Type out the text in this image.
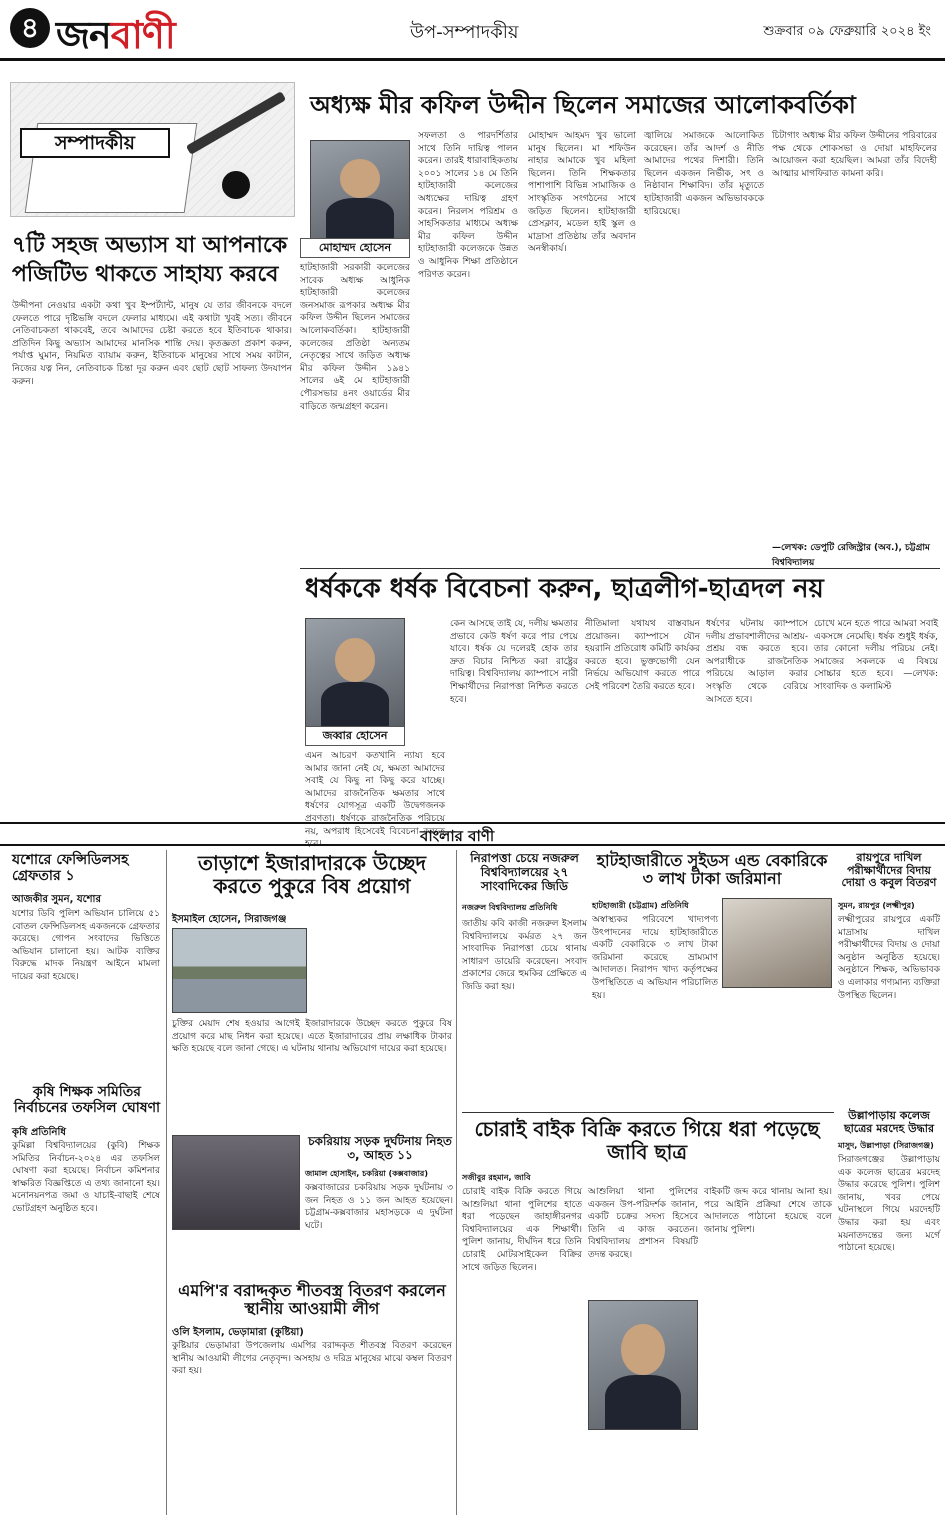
৪ জনবাণী	উপ-সম্পাদকীয়	শুক্রবার ০৯ ফেব্রুয়ারি ২০২৪ ইং
সম্পাদকীয়
অধ্যক্ষ মীর কফিল উদ্দীন ছিলেন সমাজের আলোকবর্তিকা
মোহাম্মদ হোসেন
হাটহাজারী সরকারী কলেজের সাবেক অধ্যক্ষ আধুনিক হাটহাজারী কলেজের জনসমাজ রূপকার অধ্যক্ষ মীর কফিল উদ্দীন ছিলেন সমাজের আলোকবর্তিকা। হাটহাজারী কলেজের প্রতিষ্ঠা অন্যতম নেতৃত্বের সাথে জড়িত অধ্যক্ষ মীর কফিল উদ্দীন ১৯৪১ সালের ৬ই মে হাটহাজারী পৌরসভার ৪নং ওয়ার্ডের মীর বাড়িতে জন্মগ্রহণ করেন।
সফলতা ও পারদর্শিতার সাথে তিনি দায়িত্ব পালন করেন। তারই ধারাবাহিকতায় ২০০১ সালের ১৪ মে তিনি হাটহাজারী কলেজের অধ্যক্ষের দায়িত্ব গ্রহণ করেন। নিরলস পরিশ্রম ও সাহসিকতার মাধ্যমে অধ্যক্ষ মীর কফিল উদ্দীন হাটহাজারী কলেজকে উন্নত ও আধুনিক শিক্ষা প্রতিষ্ঠানে পরিণত করেন।
মোহাম্মদ আহমদ খুব ভালো মানুষ ছিলেন। মা শফিউন নাহার আমাকে খুব মহিলা ছিলেন। তিনি শিক্ষকতার পাশাপাশি বিভিন্ন সামাজিক ও সাংস্কৃতিক সংগঠনের সাথে জড়িত ছিলেন। হাটহাজারী প্রেসক্লাব, মডেল হাই স্কুল ও মাদ্রাসা প্রতিষ্ঠায় তাঁর অবদান অনস্বীকার্য।
জ্বালিয়ে সমাজকে আলোকিত করেছেন। তাঁর আদর্শ ও নীতি আমাদের পথের দিশারী। তিনি ছিলেন একজন নির্ভীক, সৎ ও নিষ্ঠাবান শিক্ষাবিদ। তাঁর মৃত্যুতে হাটহাজারী একজন অভিভাবককে হারিয়েছে।
চিটাগাং অধ্যক্ষ মীর কফিল উদ্দীনের পরিবারের পক্ষ থেকে শোকসভা ও দোয়া মাহফিলের আয়োজন করা হয়েছিল। আমরা তাঁর বিদেহী আত্মার মাগফিরাত কামনা করি।
—লেখক: ডেপুটি রেজিস্ট্রার (অব.), চট্টগ্রাম বিশ্ববিদ্যালয়
৭টি সহজ অভ্যাস যা আপনাকে পজিটিভ থাকতে সাহায্য করবে
উদ্দীপনা নেওয়ার একটা কথা খুব ইম্পর্ট্যান্ট, মানুষ যে তার জীবনকে বদলে ফেলতে পারে দৃষ্টিভঙ্গি বদলে ফেলার মাধ্যমে। এই কথাটা খুবই সত্য। জীবনে নেতিবাচকতা থাকবেই, তবে আমাদের চেষ্টা করতে হবে ইতিবাচক থাকার। প্রতিদিন কিছু অভ্যাস আমাদের মানসিক শান্তি দেয়। কৃতজ্ঞতা প্রকাশ করুন, পর্যাপ্ত ঘুমান, নিয়মিত ব্যায়াম করুন, ইতিবাচক মানুষের সাথে সময় কাটান, নিজের যত্ন নিন, নেতিবাচক চিন্তা দূর করুন এবং ছোট ছোট সাফল্য উদযাপন করুন।
ধর্ষককে ধর্ষক বিবেচনা করুন, ছাত্রলীগ-ছাত্রদল নয়
জব্বার হোসেন
এমন আচরণ কতখানি ন্যায্য হবে আমার জানা নেই যে, ক্ষমতা আমাদের সবাই যে কিছু না কিছু করে যাচ্ছে। আমাদের রাজনৈতিক ক্ষমতার সাথে ধর্ষণের যোগসূত্র একটি উদ্বেগজনক প্রবণতা। ধর্ষণকে রাজনৈতিক পরিচয়ে নয়, অপরাধ হিসেবেই বিবেচনা করতে হবে।
কেন আসছে তাই যে, দলীয় ক্ষমতার প্রভাবে কেউ ধর্ষণ করে পার পেয়ে যাবে। ধর্ষক যে দলেরই হোক তার দ্রুত বিচার নিশ্চিত করা রাষ্ট্রের দায়িত্ব। বিশ্ববিদ্যালয় ক্যাম্পাসে নারী শিক্ষার্থীদের নিরাপত্তা নিশ্চিত করতে হবে।
নীতিমালা যথাযথ বাস্তবায়ন প্রয়োজন। ক্যাম্পাসে যৌন হয়রানি প্রতিরোধ কমিটি কার্যকর করতে হবে। ভুক্তভোগী যেন নির্ভয়ে অভিযোগ করতে পারে সেই পরিবেশ তৈরি করতে হবে।
ধর্ষণের ঘটনায় ক্যাম্পাসে দলীয় প্রভাবশালীদের আশ্রয়-প্রশ্রয় বন্ধ করতে হবে। অপরাধীকে রাজনৈতিক পরিচয়ে আড়াল করার সংস্কৃতি থেকে বেরিয়ে আসতে হবে।
চোখে মনে হতে পারে আমরা সবাই একসঙ্গে নেমেছি। ধর্ষক শুধুই ধর্ষক, তার কোনো দলীয় পরিচয় নেই। সমাজের সকলকে এ বিষয়ে সোচ্চার হতে হবে। —লেখক: সাংবাদিক ও কলামিস্ট
বাংলার বাণী
যশোরে ফেন্সিডিলসহ গ্রেফতার ১
আজকীর সুমন, যশোর
যশোর ডিবি পুলিশ অভিযান চালিয়ে ৫১ বোতল ফেন্সিডিলসহ একজনকে গ্রেফতার করেছে। গোপন সংবাদের ভিত্তিতে অভিযান চালানো হয়। আটক ব্যক্তির বিরুদ্ধে মাদক নিয়ন্ত্রণ আইনে মামলা দায়ের করা হয়েছে।
কৃষি শিক্ষক সমিতির নির্বাচনের তফসিল ঘোষণা
কৃষি প্রতিনিধি
কুমিল্লা বিশ্ববিদ্যালয়ের (কুবি) শিক্ষক সমিতির নির্বাচন-২০২৪ এর তফসিল ঘোষণা করা হয়েছে। নির্বাচন কমিশনার স্বাক্ষরিত বিজ্ঞপ্তিতে এ তথ্য জানানো হয়। মনোনয়নপত্র জমা ও যাচাই-বাছাই শেষে ভোটগ্রহণ অনুষ্ঠিত হবে।
তাড়াশে ইজারাদারকে উচ্ছেদ করতে পুকুরে বিষ প্রয়োগ
ইসমাইল হোসেন, সিরাজগঞ্জ
চুক্তির মেয়াদ শেষ হওয়ার আগেই ইজারাদারকে উচ্ছেদ করতে পুকুরে বিষ প্রয়োগ করে মাছ নিধন করা হয়েছে। এতে ইজারাদারের প্রায় লক্ষাধিক টাকার ক্ষতি হয়েছে বলে জানা গেছে। এ ঘটনায় থানায় অভিযোগ দায়ের করা হয়েছে।
চকরিয়ায় সড়ক দুর্ঘটনায় নিহত ৩, আহত ১১
জামাল হোসাইন, চকরিয়া (কক্সবাজার)
কক্সবাজারের চকরিয়ায় সড়ক দুর্ঘটনায় ৩ জন নিহত ও ১১ জন আহত হয়েছেন। চট্টগ্রাম-কক্সবাজার মহাসড়কে এ দুর্ঘটনা ঘটে।
এমপি'র বরাদ্দকৃত শীতবস্ত্র বিতরণ করলেন স্থানীয় আওয়ামী লীগ
ওলি ইসলাম, ভেড়ামারা (কুষ্টিয়া)
কুষ্টিয়ার ভেড়ামারা উপজেলায় এমপির বরাদ্দকৃত শীতবস্ত্র বিতরণ করেছেন স্থানীয় আওয়ামী লীগের নেতৃবৃন্দ। অসহায় ও দরিদ্র মানুষের মাঝে কম্বল বিতরণ করা হয়।
নিরাপত্তা চেয়ে নজরুল বিশ্ববিদ্যালয়ের ২৭ সাংবাদিকের জিডি
নজরুল বিশ্ববিদ্যালয় প্রতিনিধি
জাতীয় কবি কাজী নজরুল ইসলাম বিশ্ববিদ্যালয়ে কর্মরত ২৭ জন সাংবাদিক নিরাপত্তা চেয়ে থানায় সাধারণ ডায়েরি করেছেন। সংবাদ প্রকাশের জেরে হুমকির প্রেক্ষিতে এ জিডি করা হয়।
হাটহাজারীতে সুইডস এন্ড বেকারিকে ৩ লাখ টাকা জরিমানা
হাটহাজারী (চট্টগ্রাম) প্রতিনিধি
অস্বাস্থ্যকর পরিবেশে খাদ্যপণ্য উৎপাদনের দায়ে হাটহাজারীতে একটি বেকারিকে ৩ লাখ টাকা জরিমানা করেছে ভ্রাম্যমাণ আদালত। নিরাপদ খাদ্য কর্তৃপক্ষের উপস্থিতিতে এ অভিযান পরিচালিত হয়।
রায়পুরে দাখিল পরীক্ষার্থীদের বিদায় দোয়া ও কবুল বিতরণ
সুমন, রায়পুর (লক্ষ্মীপুর)
লক্ষ্মীপুরের রায়পুরে একটি মাদ্রাসায় দাখিল পরীক্ষার্থীদের বিদায় ও দোয়া অনুষ্ঠান অনুষ্ঠিত হয়েছে। অনুষ্ঠানে শিক্ষক, অভিভাবক ও এলাকার গণ্যমান্য ব্যক্তিরা উপস্থিত ছিলেন।
উল্লাপাড়ায় কলেজ ছাত্রের মরদেহ উদ্ধার
মাসুদ, উল্লাপাড়া (সিরাজগঞ্জ)
সিরাজগঞ্জের উল্লাপাড়ায় এক কলেজ ছাত্রের মরদেহ উদ্ধার করেছে পুলিশ। পুলিশ জানায়, খবর পেয়ে ঘটনাস্থলে গিয়ে মরদেহটি উদ্ধার করা হয় এবং ময়নাতদন্তের জন্য মর্গে পাঠানো হয়েছে।
চোরাই বাইক বিক্রি করতে গিয়ে ধরা পড়েছে জাবি ছাত্র
সজীবুর রহমান, জাবি
চোরাই বাইক বিক্রি করতে গিয়ে আশুলিয়া থানা পুলিশের হাতে ধরা পড়েছেন জাহাঙ্গীরনগর বিশ্ববিদ্যালয়ের এক শিক্ষার্থী। পুলিশ জানায়, দীর্ঘদিন ধরে তিনি চোরাই মোটরসাইকেল বিক্রির সাথে জড়িত ছিলেন।
আশুলিয়া থানা পুলিশের একজন উপ-পরিদর্শক জানান, একটি চক্রের সদস্য হিসেবে তিনি এ কাজ করতেন। বিশ্ববিদ্যালয় প্রশাসন বিষয়টি তদন্ত করছে।
বাইকটি জব্দ করে থানায় আনা হয়। পরে আইনি প্রক্রিয়া শেষে তাকে আদালতে পাঠানো হয়েছে বলে জানায় পুলিশ।
